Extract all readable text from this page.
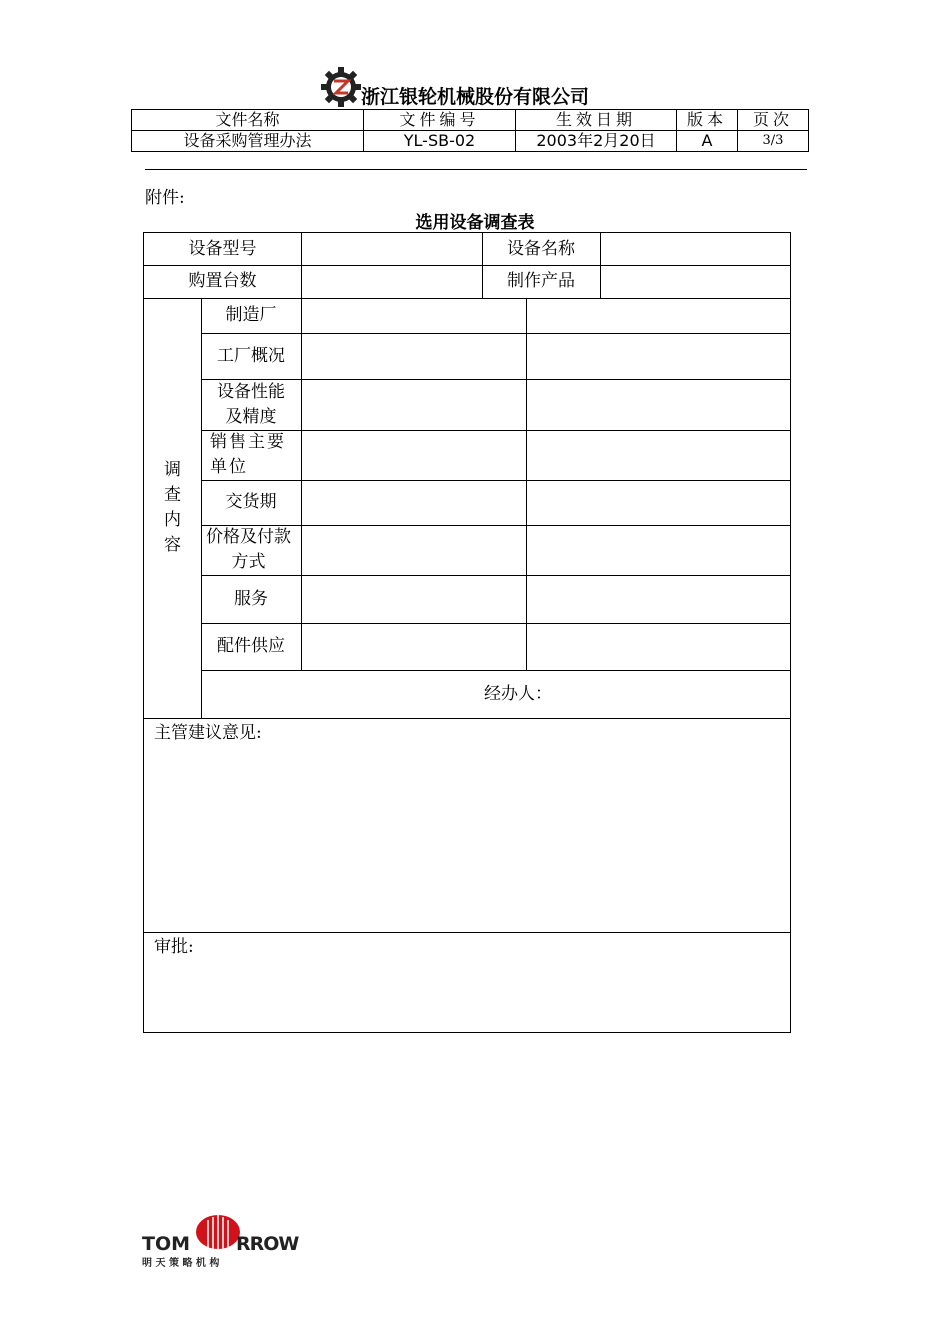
浙江银轮机械股份有限公司
文件名称	文件编号	生效日期	版本	页次
设备采购管理办法	YL-SB-02	2003年2月20日	A	3/3
附件:
选用设备调查表
设备型号	设备名称
购置台数	制作产品
调查内容
制造厂
工厂概况
设备性能及精度
销售主要单位
交货期
价格及付款方式
服务
配件供应
经办人：
主管建议意见:
审批:
TOM RROW
明 天 策 略 机 构
